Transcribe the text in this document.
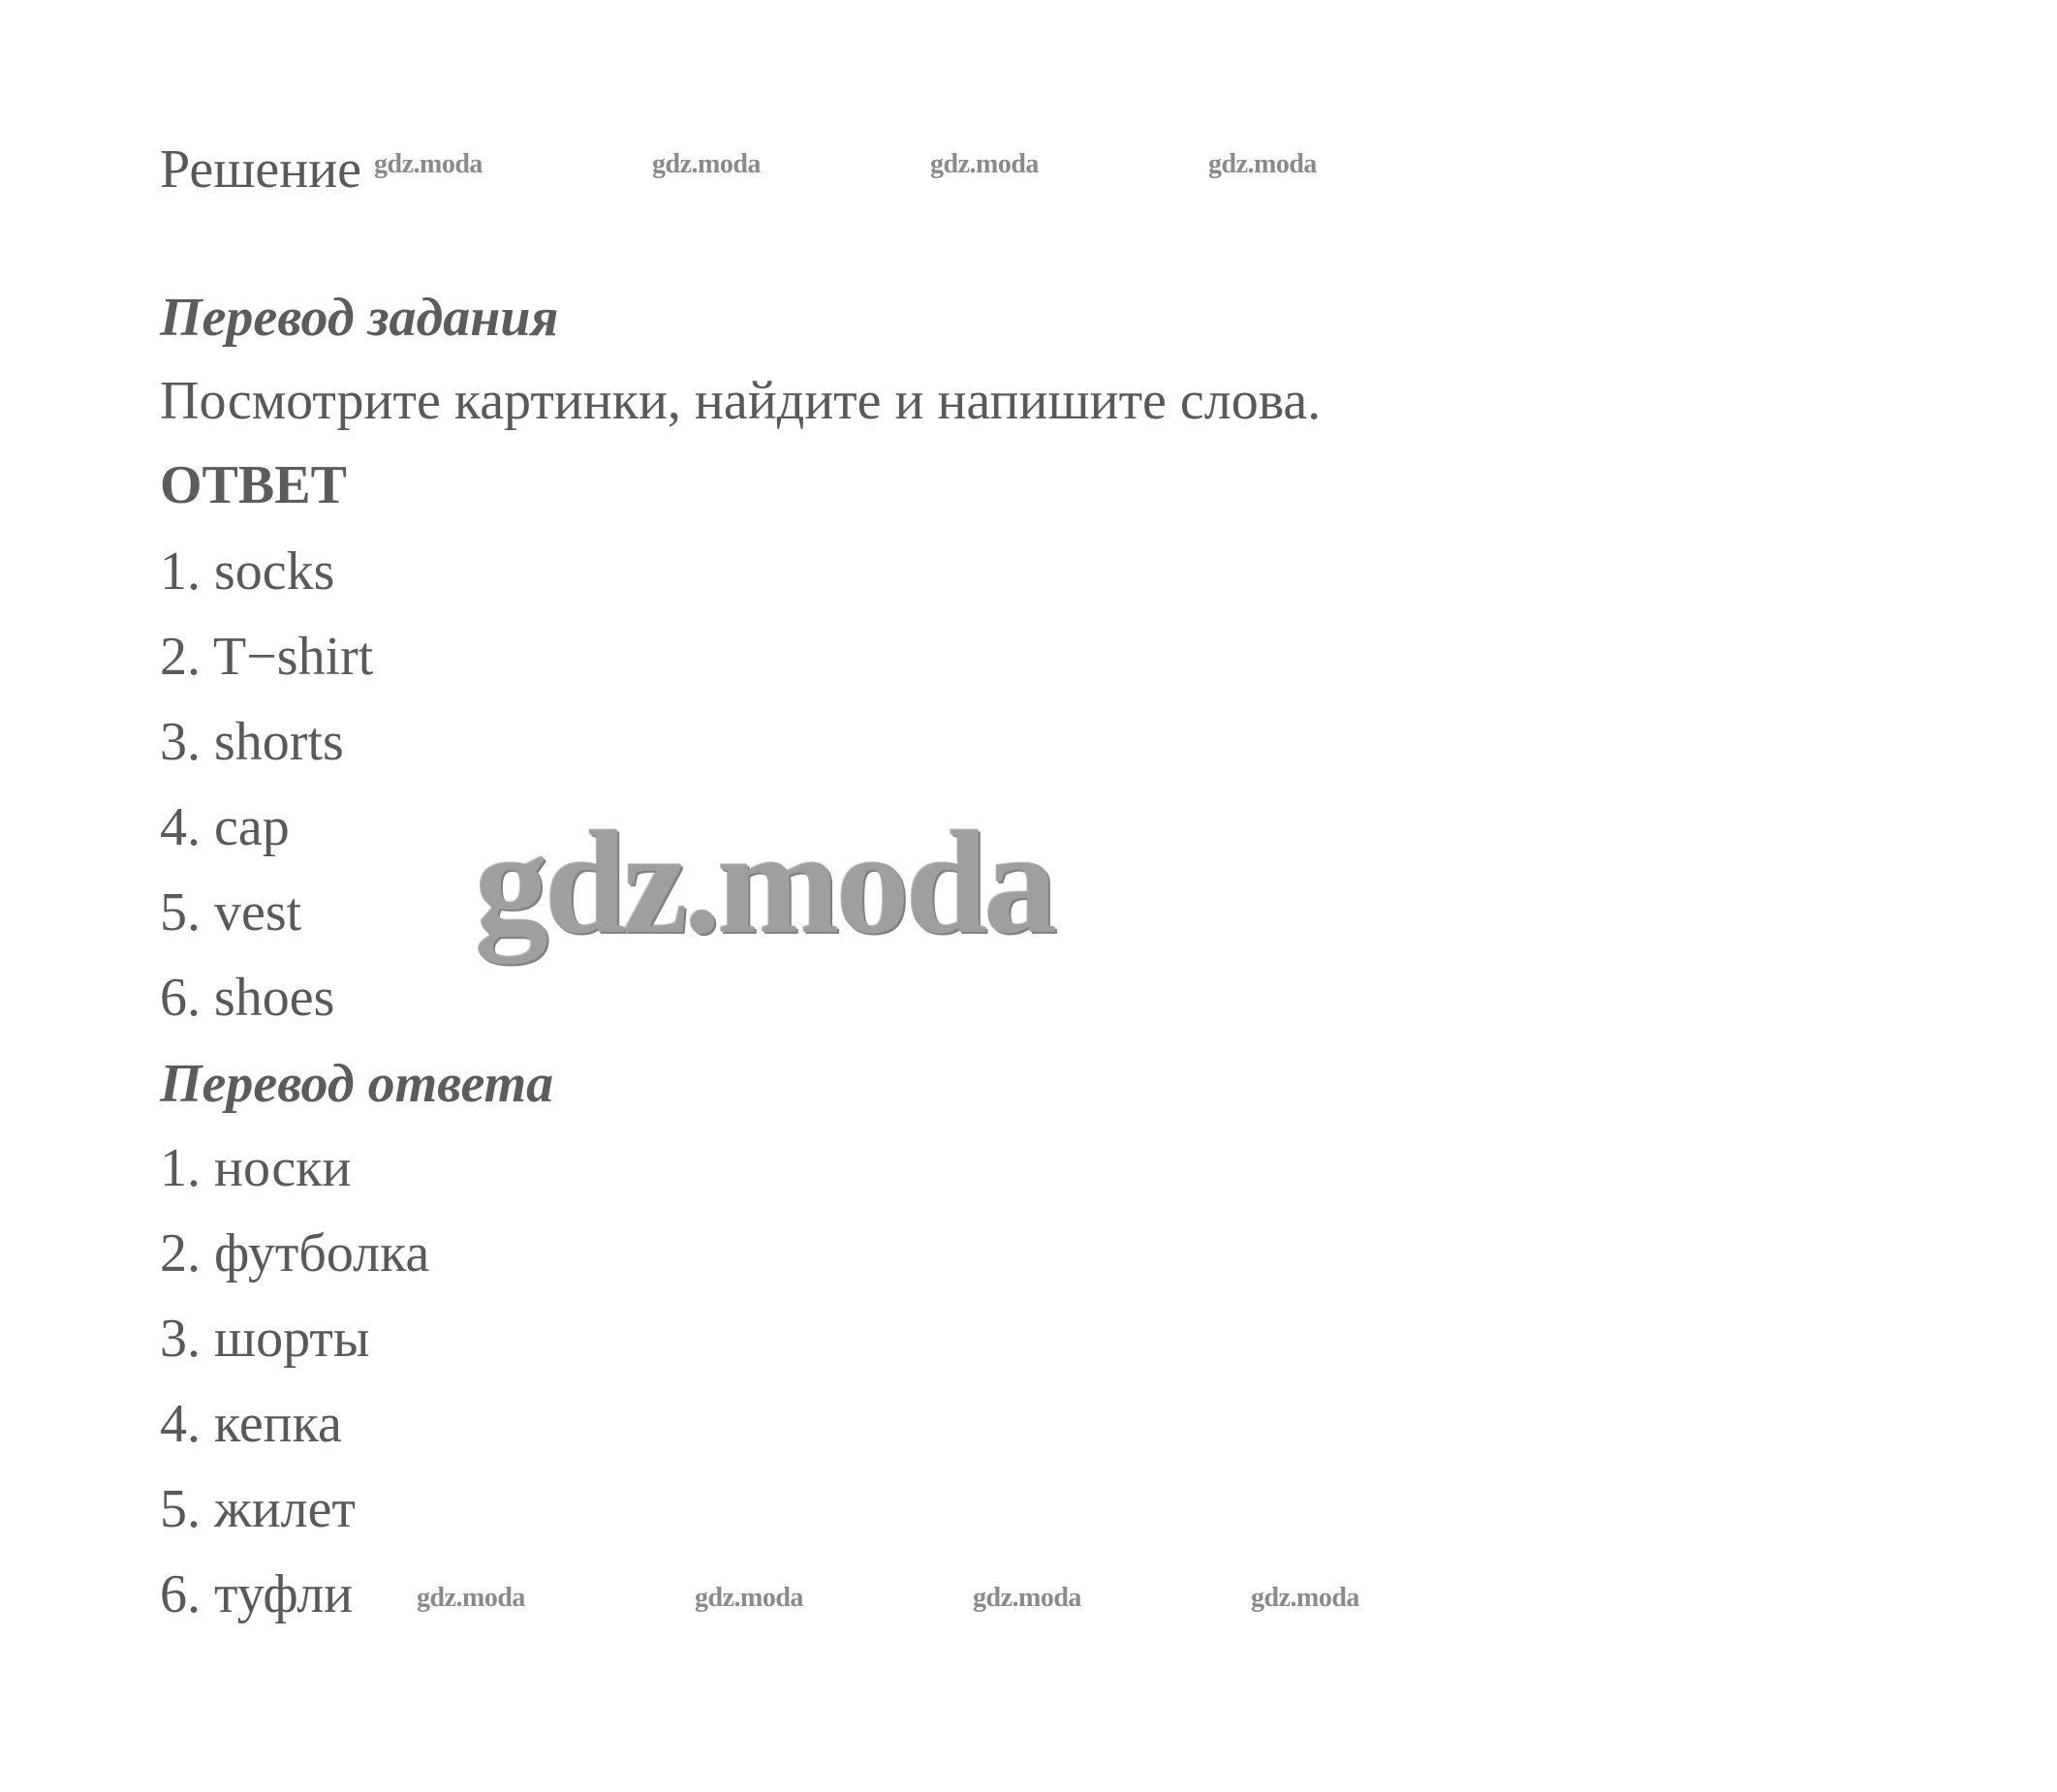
Решение gdz.moda	gdz.moda	gdz.moda	gdz.moda
Перевод задания
Посмотрите картинки, найдите и напишите слова.
ОТВЕТ
1. socks
2. T−shirt
3. shorts
4. cap
5. vest
6. shoes
gdz.moda
Перевод ответа
1. носки
2. футболка
3. шорты
4. кепка
5. жилет
6. туфли gdz.moda	gdz.moda	gdz.moda	gdz.moda
